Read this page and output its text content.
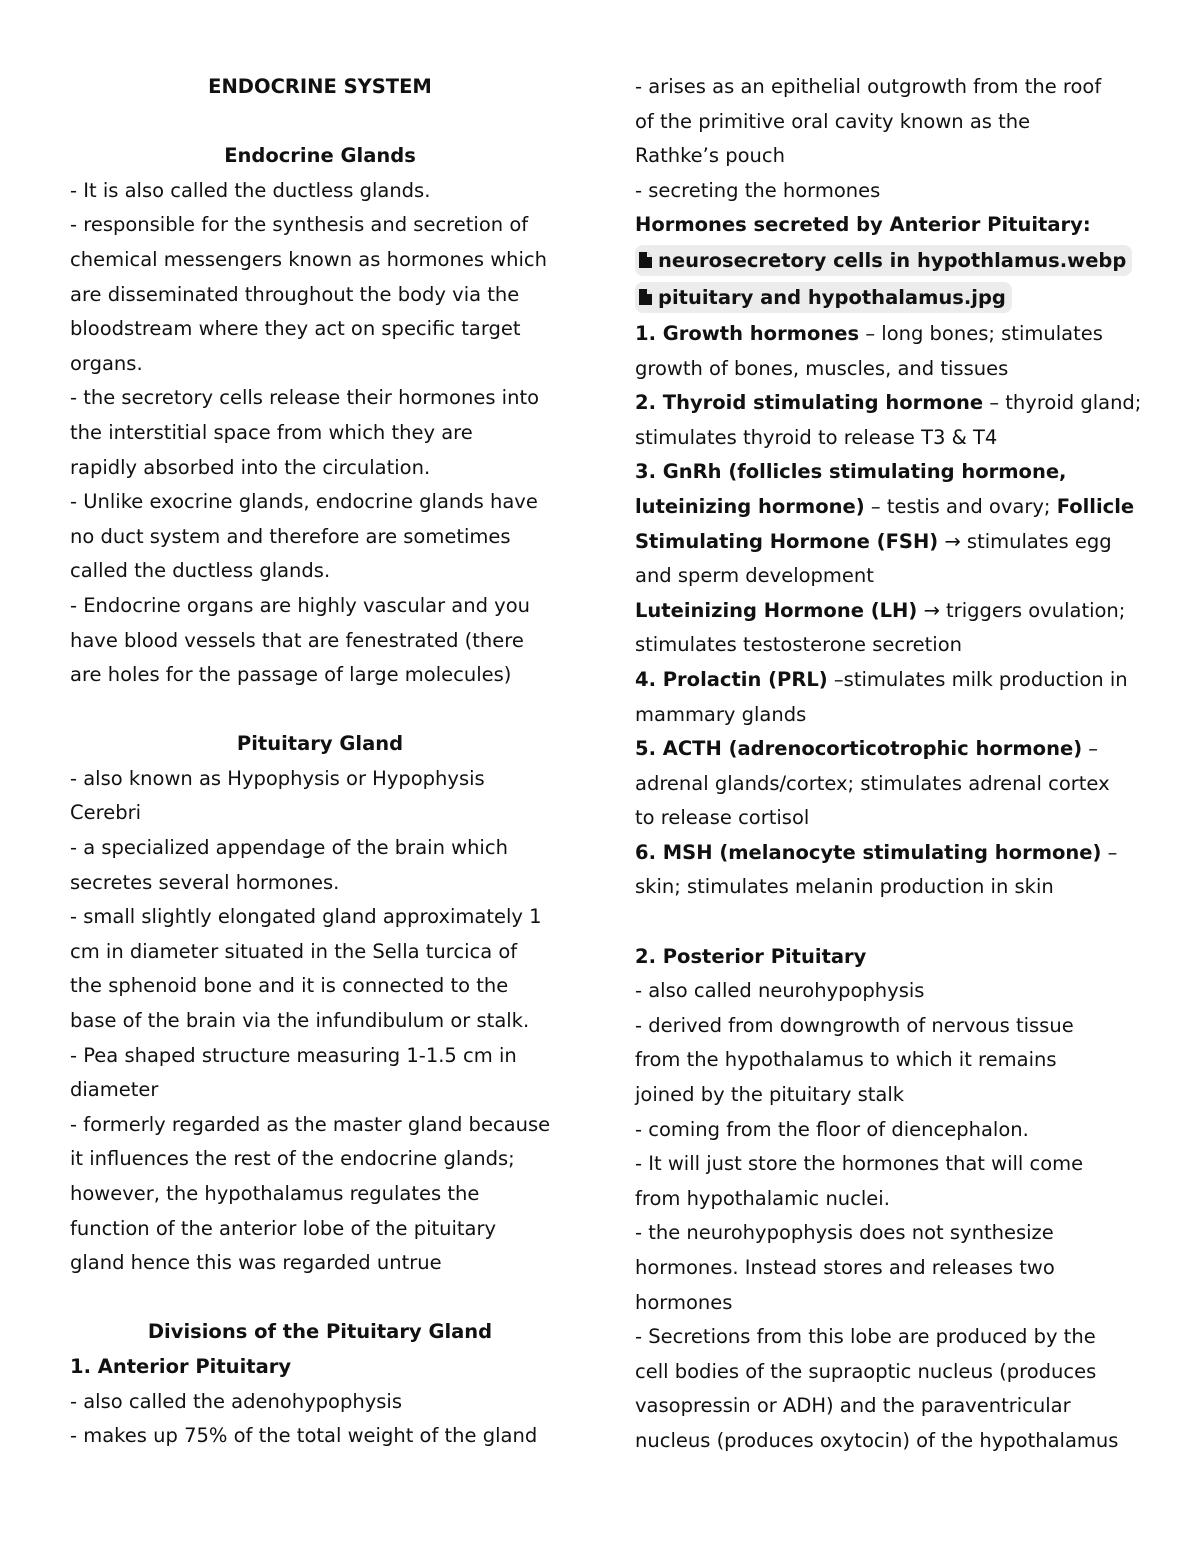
ENDOCRINE SYSTEM
Endocrine Glands
- It is also called the ductless glands.
- responsible for the synthesis and secretion of
chemical messengers known as hormones which
are disseminated throughout the body via the
bloodstream where they act on specific target
organs.
- the secretory cells release their hormones into
the interstitial space from which they are
rapidly absorbed into the circulation.
- Unlike exocrine glands, endocrine glands have
no duct system and therefore are sometimes
called the ductless glands.
- Endocrine organs are highly vascular and you
have blood vessels that are fenestrated (there
are holes for the passage of large molecules)
Pituitary Gland
- also known as Hypophysis or Hypophysis
Cerebri
- a specialized appendage of the brain which
secretes several hormones.
- small slightly elongated gland approximately 1
cm in diameter situated in the Sella turcica of
the sphenoid bone and it is connected to the
base of the brain via the infundibulum or stalk.
- Pea shaped structure measuring 1-1.5 cm in
diameter
- formerly regarded as the master gland because
it influences the rest of the endocrine glands;
however, the hypothalamus regulates the
function of the anterior lobe of the pituitary
gland hence this was regarded untrue
Divisions of the Pituitary Gland
1. Anterior Pituitary
- also called the adenohypophysis
- makes up 75% of the total weight of the gland
- arises as an epithelial outgrowth from the roof
of the primitive oral cavity known as the
Rathke’s pouch
- secreting the hormones
Hormones secreted by Anterior Pituitary:
neurosecretory cells in hypothlamus.webp
pituitary and hypothalamus.jpg
1. Growth hormones – long bones; stimulates
growth of bones, muscles, and tissues
2. Thyroid stimulating hormone – thyroid gland;
stimulates thyroid to release T3 & T4
3. GnRh (follicles stimulating hormone,
luteinizing hormone) – testis and ovary; Follicle
Stimulating Hormone (FSH) → stimulates egg
and sperm development
Luteinizing Hormone (LH) → triggers ovulation;
stimulates testosterone secretion
4. Prolactin (PRL) –stimulates milk production in
mammary glands
5. ACTH (adrenocorticotrophic hormone) –
adrenal glands/cortex; stimulates adrenal cortex
to release cortisol
6. MSH (melanocyte stimulating hormone) –
skin; stimulates melanin production in skin
2. Posterior Pituitary
- also called neurohypophysis
- derived from downgrowth of nervous tissue
from the hypothalamus to which it remains
joined by the pituitary stalk
- coming from the floor of diencephalon.
- It will just store the hormones that will come
from hypothalamic nuclei.
- the neurohypophysis does not synthesize
hormones. Instead stores and releases two
hormones
- Secretions from this lobe are produced by the
cell bodies of the supraoptic nucleus (produces
vasopressin or ADH) and the paraventricular
nucleus (produces oxytocin) of the hypothalamus
